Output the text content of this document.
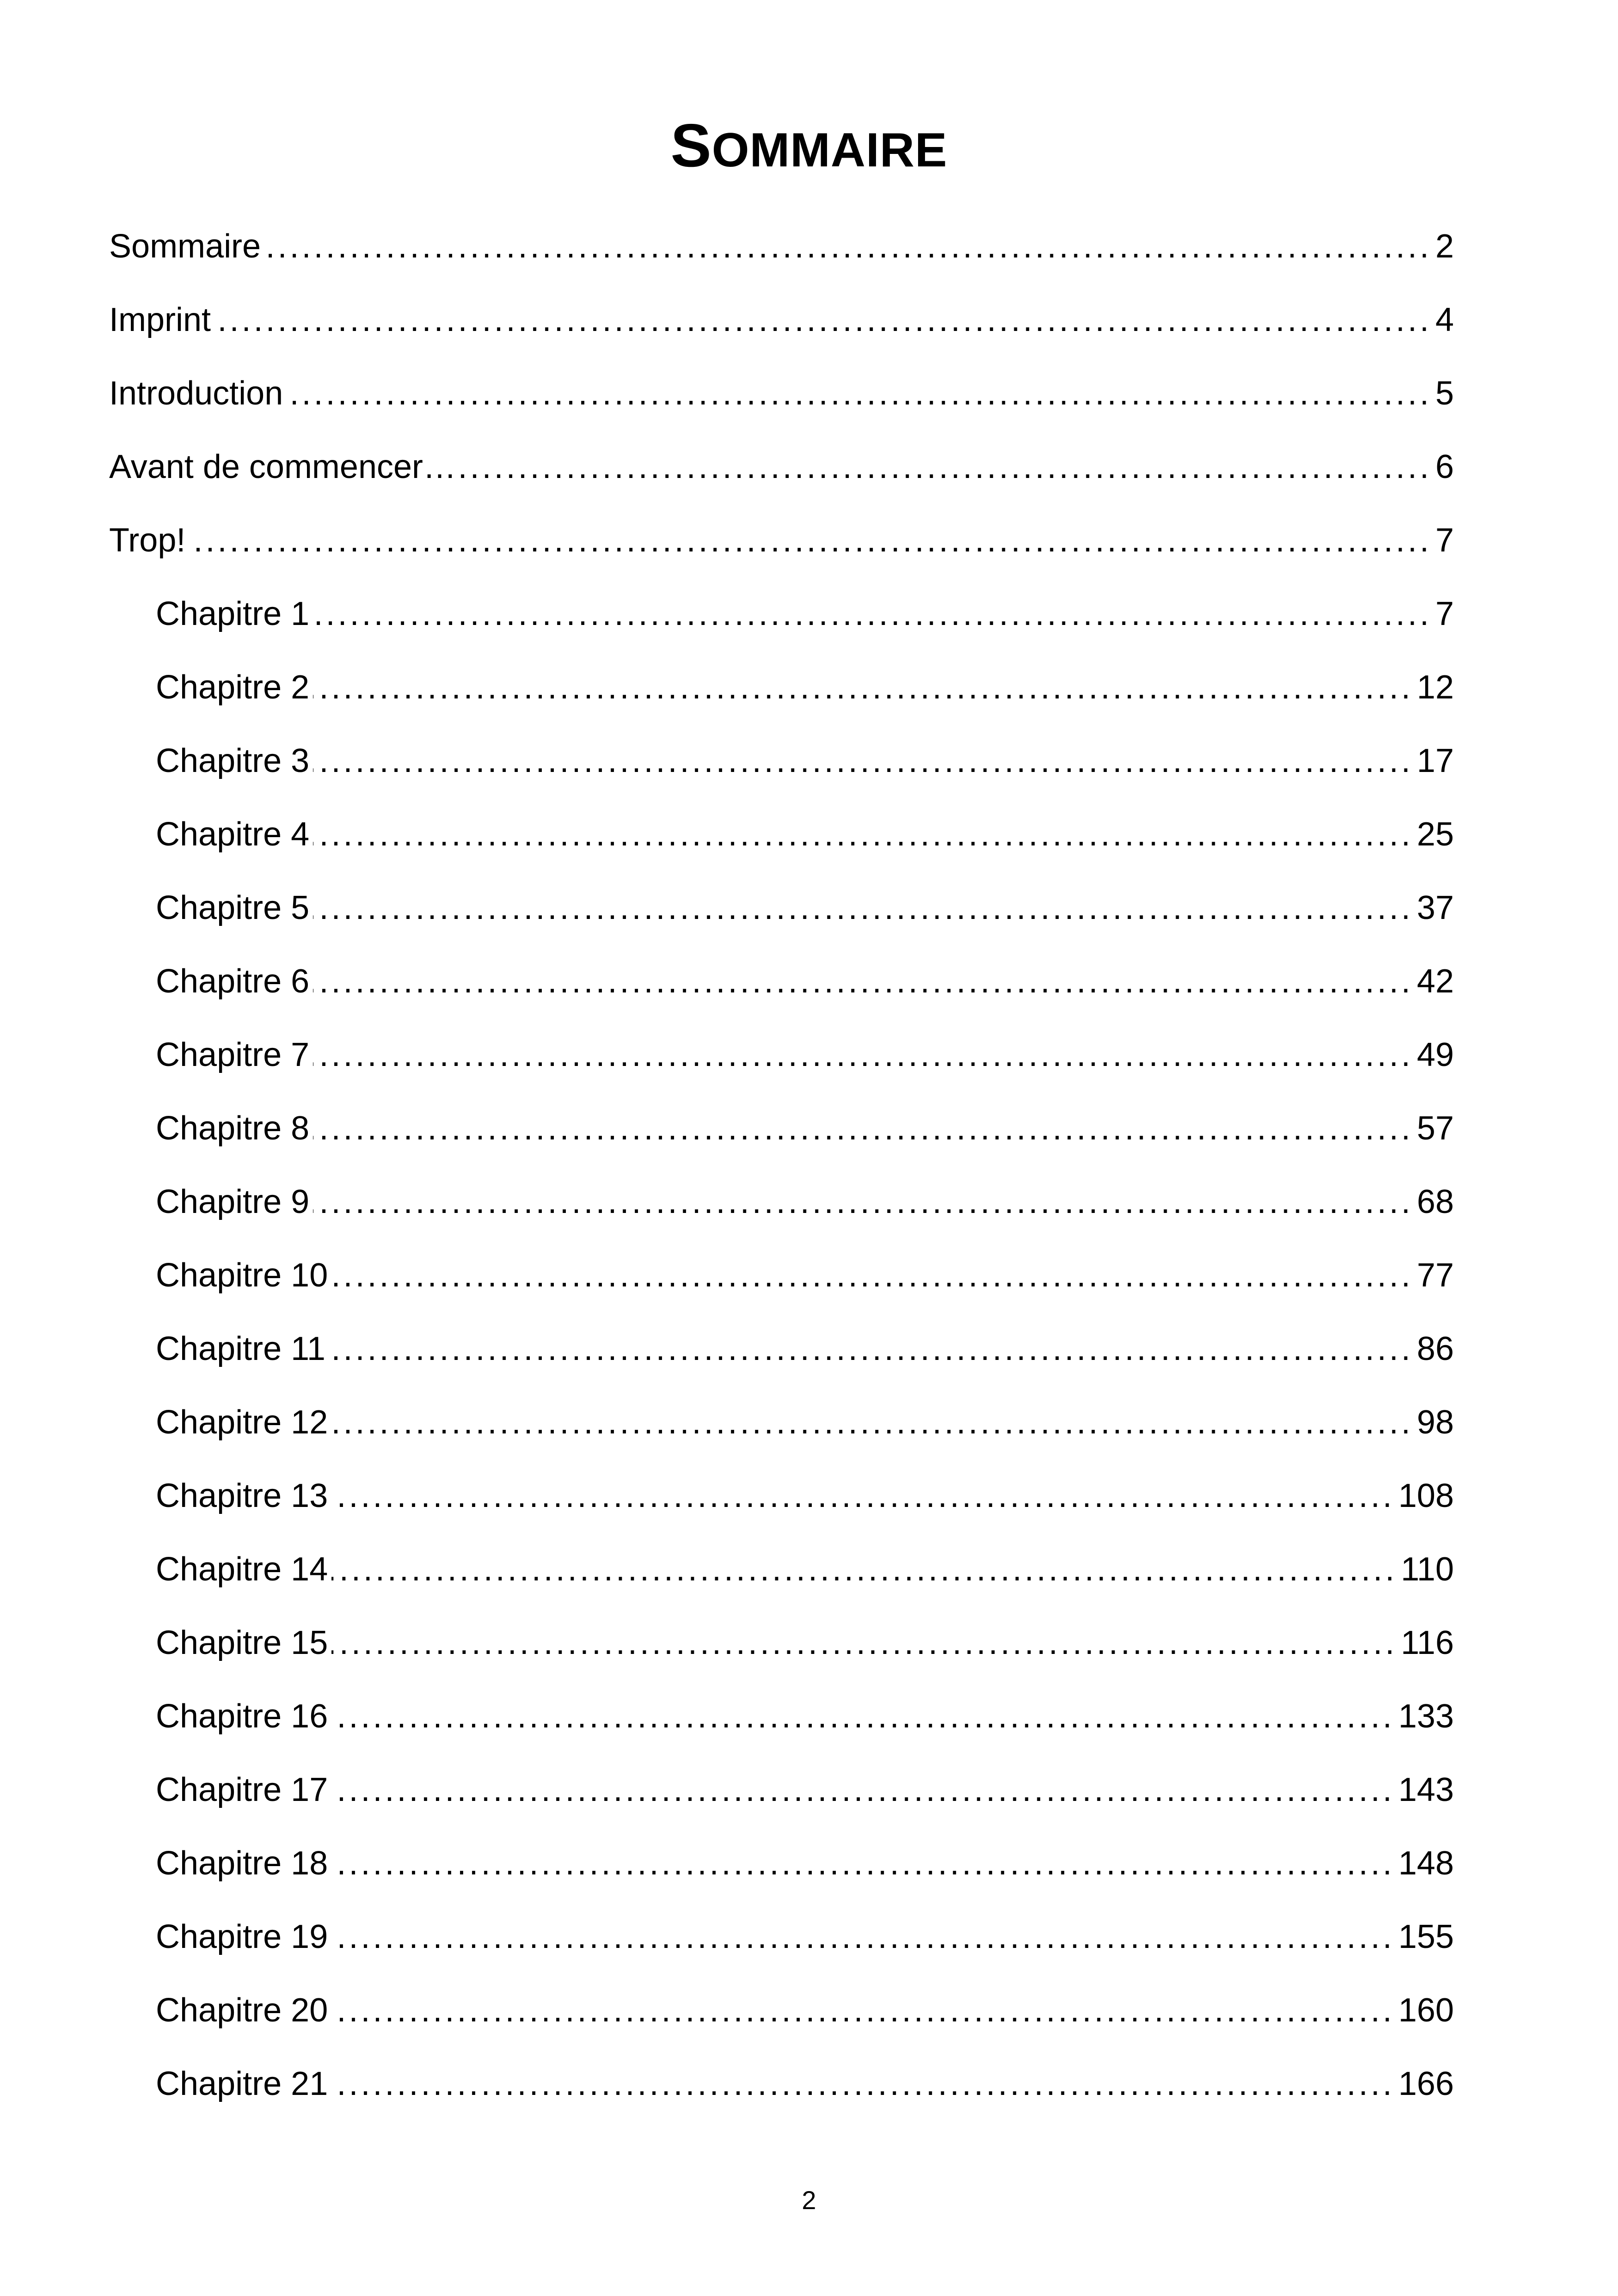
SOMMAIRE
Sommaire .....	2
Imprint .....	4
Introduction .....	5
Avant de commencer… .....	6
Trop! .....	7
Chapitre 1 .....	7
Chapitre 2 .....	12
Chapitre 3 .....	17
Chapitre 4 .....	25
Chapitre 5 .....	37
Chapitre 6 .....	42
Chapitre 7 .....	49
Chapitre 8 .....	57
Chapitre 9 .....	68
Chapitre 10 .....	77
Chapitre 11 .....	86
Chapitre 12 .....	98
Chapitre 13 .....	108
Chapitre 14 .....	110
Chapitre 15 .....	116
Chapitre 16 .....	133
Chapitre 17 .....	143
Chapitre 18 .....	148
Chapitre 19 .....	155
Chapitre 20 .....	160
Chapitre 21 .....	166
2
